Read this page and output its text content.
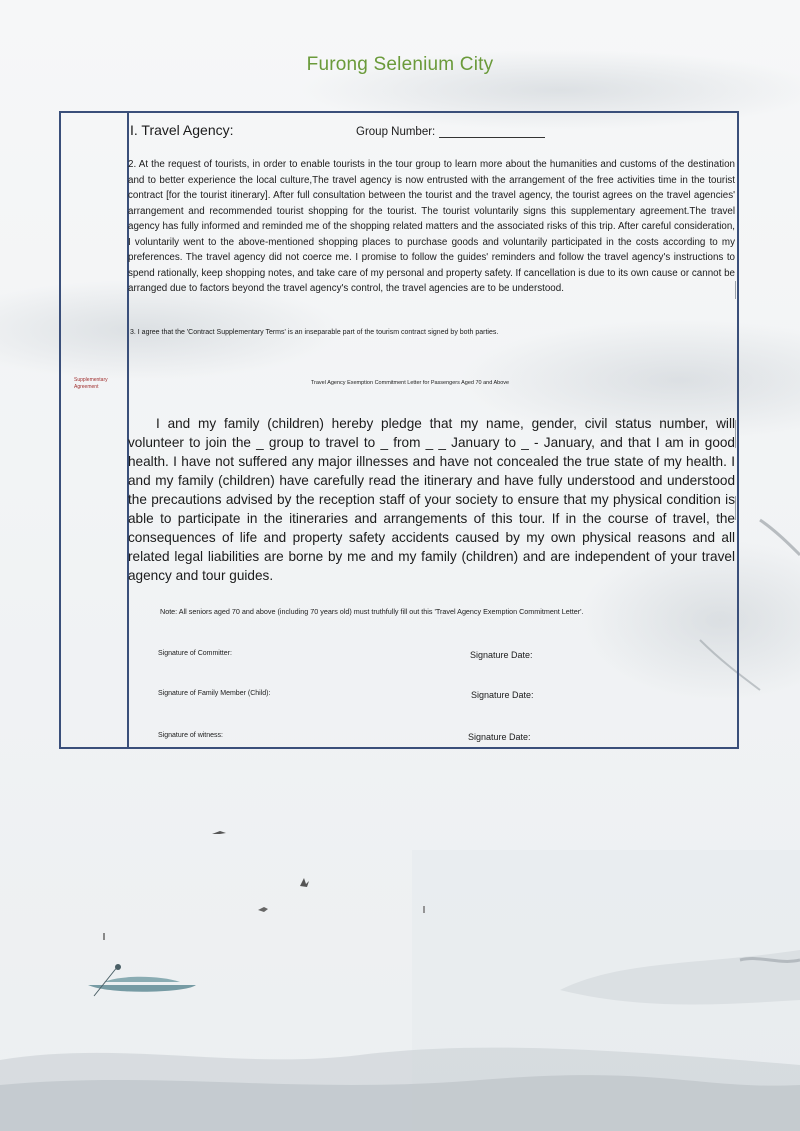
Furong Selenium City
Supplementary Agreement
I. Travel Agency:	Group Number:
2. At the request of tourists, in order to enable tourists in the tour group to learn more about the humanities and customs of the destination and to better experience the local culture,The travel agency is now entrusted with the arrangement of the free activities time in the tourist contract [for the tourist itinerary]. After full consultation between the tourist and the travel agency, the tourist agrees on the travel agencies' arrangement and recommended tourist shopping for the tourist. The tourist voluntarily signs this supplementary agreement.The travel agency has fully informed and reminded me of the shopping related matters and the associated risks of this trip. After careful consideration, I voluntarily went to the above-mentioned shopping places to purchase goods and voluntarily participated in the costs according to my preferences. The travel agency did not coerce me. I promise to follow the guides' reminders and follow the travel agency's instructions to spend rationally, keep shopping notes, and take care of my personal and property safety. If cancellation is due to its own cause or cannot be arranged due to factors beyond the travel agency's control, the travel agencies are to be understood.
3. I agree that the 'Contract Supplementary Terms' is an inseparable part of the tourism contract signed by both parties.
Travel Agency Exemption Commitment Letter for Passengers Aged 70 and Above
I and my family (children) hereby pledge that my name, gender, civil status number, will volunteer to join the _ group to travel to _ from _ _ January to _ - January, and that I am in good health. I have not suffered any major illnesses and have not concealed the true state of my health. I and my family (children) have carefully read the itinerary and have fully understood and understood the precautions advised by the reception staff of your society to ensure that my physical condition is able to participate in the itineraries and arrangements of this tour. If in the course of travel, the consequences of life and property safety accidents caused by my own physical reasons and all related legal liabilities are borne by me and my family (children) and are independent of your travel agency and tour guides.
Note: All seniors aged 70 and above (including 70 years old) must truthfully fill out this 'Travel Agency Exemption Commitment Letter'.
Signature of Committer:	Signature Date:
Signature of Family Member (Child):	Signature Date:
Signature of witness:	Signature Date:
